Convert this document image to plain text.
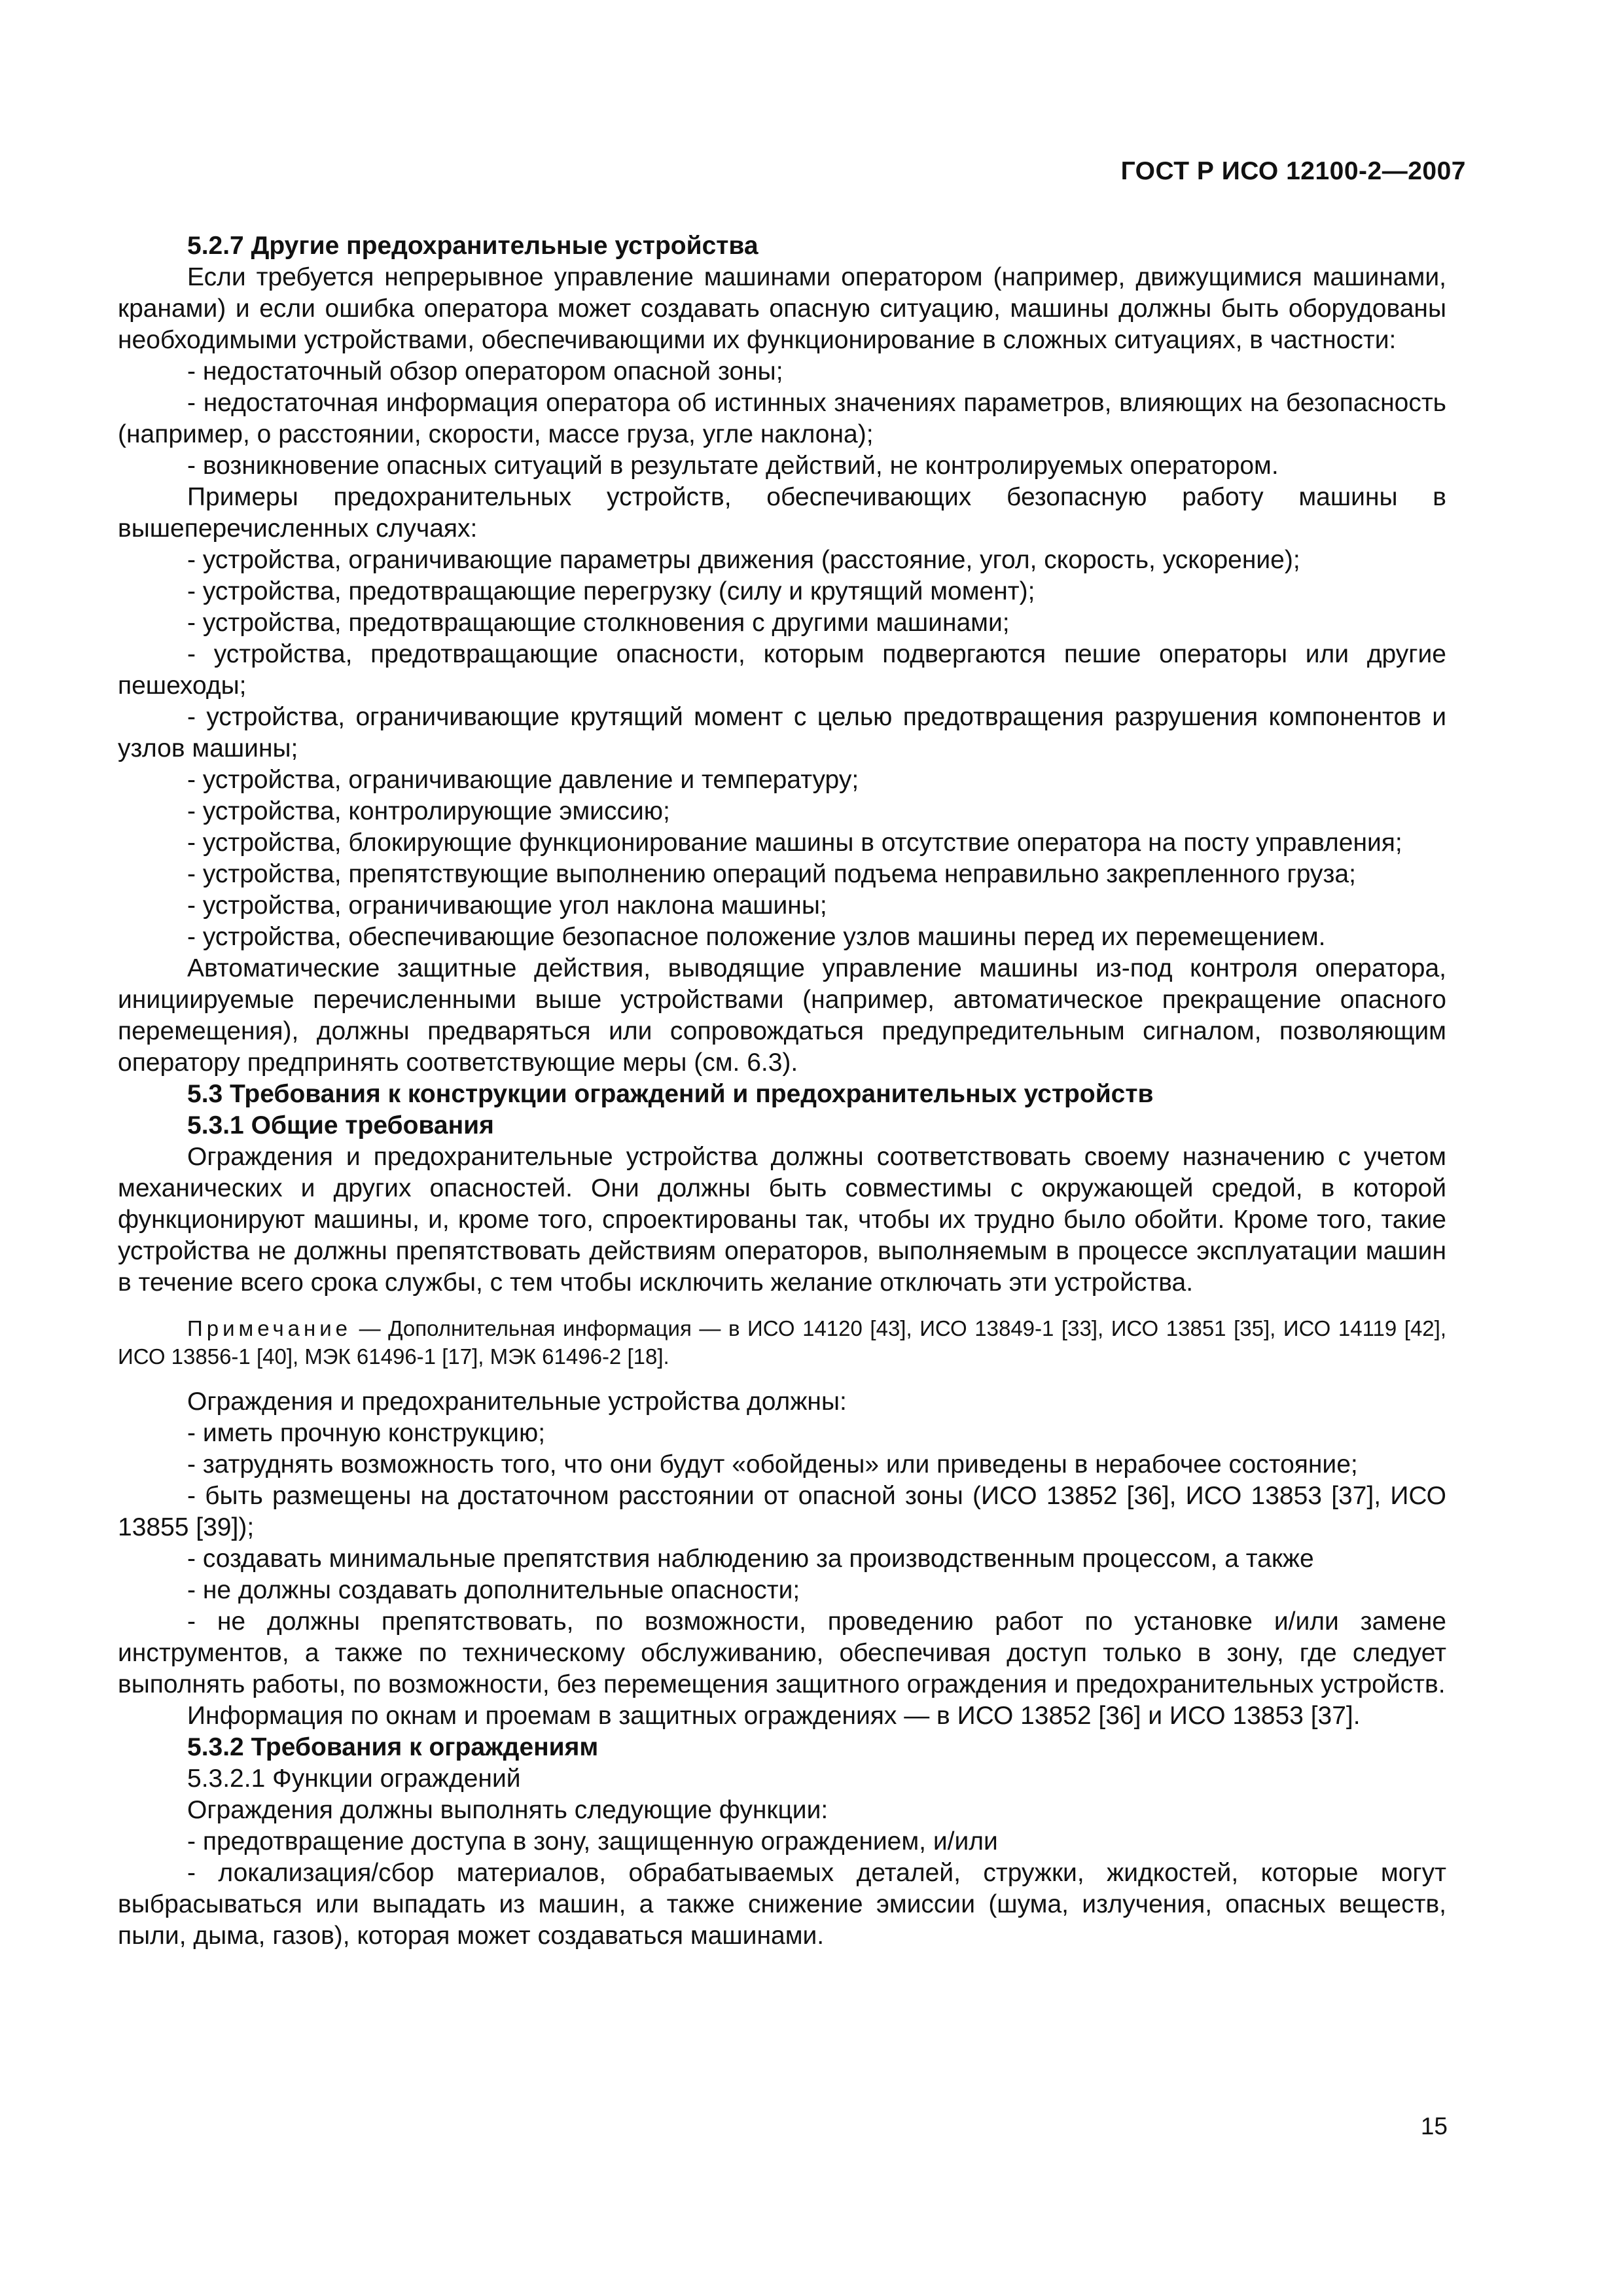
ГОСТ Р ИСО 12100-2—2007

5.2.7 Другие предохранительные устройства

Если требуется непрерывное управление машинами оператором (например, движущимися машинами, кранами) и если ошибка оператора может создавать опасную ситуацию, машины должны быть оборудованы необходимыми устройствами, обеспечивающими их функционирование в сложных ситуациях, в частности:

- недостаточный обзор оператором опасной зоны;

- недостаточная информация оператора об истинных значениях параметров, влияющих на безопасность (например, о расстоянии, скорости, массе груза, угле наклона);

- возникновение опасных ситуаций в результате действий, не контролируемых оператором.

Примеры предохранительных устройств, обеспечивающих безопасную работу машины в вышеперечисленных случаях:

- устройства, ограничивающие параметры движения (расстояние, угол, скорость, ускорение);

- устройства, предотвращающие перегрузку (силу и крутящий момент);

- устройства, предотвращающие столкновения с другими машинами;

- устройства, предотвращающие опасности, которым подвергаются пешие операторы или другие пешеходы;

- устройства, ограничивающие крутящий момент с целью предотвращения разрушения компонентов и узлов машины;

- устройства, ограничивающие давление и температуру;

- устройства, контролирующие эмиссию;

- устройства, блокирующие функционирование машины в отсутствие оператора на посту управления;

- устройства, препятствующие выполнению операций подъема неправильно закрепленного груза;

- устройства, ограничивающие угол наклона машины;

- устройства, обеспечивающие безопасное положение узлов машины перед их перемещением.

Автоматические защитные действия, выводящие управление машины из-под контроля оператора, инициируемые перечисленными выше устройствами (например, автоматическое прекращение опасного перемещения), должны предваряться или сопровождаться предупредительным сигналом, позволяющим оператору предпринять соответствующие меры (см. 6.3).

5.3 Требования к конструкции ограждений и предохранительных устройств

5.3.1 Общие требования

Ограждения и предохранительные устройства должны соответствовать своему назначению с учетом механических и других опасностей. Они должны быть совместимы с окружающей средой, в которой функционируют машины, и, кроме того, спроектированы так, чтобы их трудно было обойти. Кроме того, такие устройства не должны препятствовать действиям операторов, выполняемым в процессе эксплуатации машин в течение всего срока службы, с тем чтобы исключить желание отключать эти устройства.

Примечание — Дополнительная информация — в ИСО 14120 [43], ИСО 13849-1 [33], ИСО 13851 [35], ИСО 14119 [42], ИСО 13856-1 [40], МЭК 61496-1 [17], МЭК 61496-2 [18].

Ограждения и предохранительные устройства должны:

- иметь прочную конструкцию;

- затруднять возможность того, что они будут «обойдены» или приведены в нерабочее состояние;

- быть размещены на достаточном расстоянии от опасной зоны (ИСО 13852 [36], ИСО 13853 [37], ИСО 13855 [39]);

- создавать минимальные препятствия наблюдению за производственным процессом, а также

- не должны создавать дополнительные опасности;

- не должны препятствовать, по возможности, проведению работ по установке и/или замене инструментов, а также по техническому обслуживанию, обеспечивая доступ только в зону, где следует выполнять работы, по возможности, без перемещения защитного ограждения и предохранительных устройств.

Информация по окнам и проемам в защитных ограждениях — в ИСО 13852 [36] и ИСО 13853 [37].

5.3.2 Требования к ограждениям

5.3.2.1 Функции ограждений

Ограждения должны выполнять следующие функции:

- предотвращение доступа в зону, защищенную ограждением, и/или

- локализация/сбор материалов, обрабатываемых деталей, стружки, жидкостей, которые могут выбрасываться или выпадать из машин, а также снижение эмиссии (шума, излучения, опасных веществ, пыли, дыма, газов), которая может создаваться машинами.

15
